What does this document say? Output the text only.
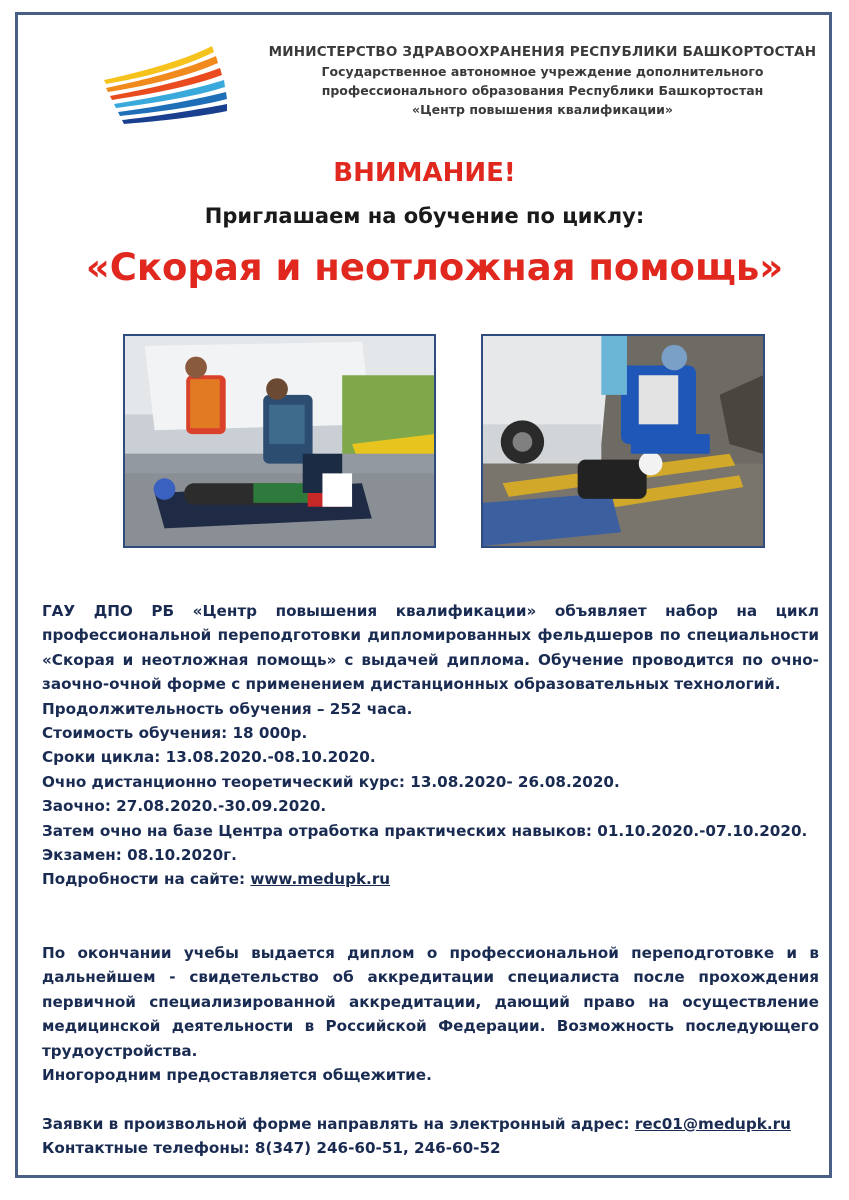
МИНИСТЕРСТВО ЗДРАВООХРАНЕНИЯ РЕСПУБЛИКИ БАШКОРТОСТАН
Государственное автономное учреждение дополнительного
профессионального образования Республики Башкортостан
«Центр повышения квалификации»
ВНИМАНИЕ!
Приглашаем на обучение по циклу:
«Скорая и неотложная помощь»
ГАУ ДПО РБ «Центр повышения квалификации» объявляет набор на цикл профессиональной переподготовки дипломированных фельдшеров по специальности «Скорая и неотложная помощь» с выдачей диплома. Обучение проводится по очно-заочно-очной форме с применением дистанционных образовательных технологий.
Продолжительность обучения – 252 часа.
Стоимость обучения: 18 000р.
Сроки цикла: 13.08.2020.-08.10.2020.
Очно дистанционно теоретический курс: 13.08.2020- 26.08.2020.
Заочно: 27.08.2020.-30.09.2020.
Затем очно на базе Центра отработка практических навыков: 01.10.2020.-07.10.2020.
Экзамен: 08.10.2020г.
Подробности на сайте: www.medupk.ru
По окончании учебы выдается диплом о профессиональной переподготовке и в дальнейшем - свидетельство об аккредитации специалиста после прохождения первичной специализированной аккредитации, дающий право на осуществление медицинской деятельности в Российской Федерации. Возможность последующего трудоустройства.
Иногородним предоставляется общежитие.
Заявки в произвольной форме направлять на электронный адрес: rec01@medupk.ru
Контактные телефоны: 8(347) 246-60-51, 246-60-52
